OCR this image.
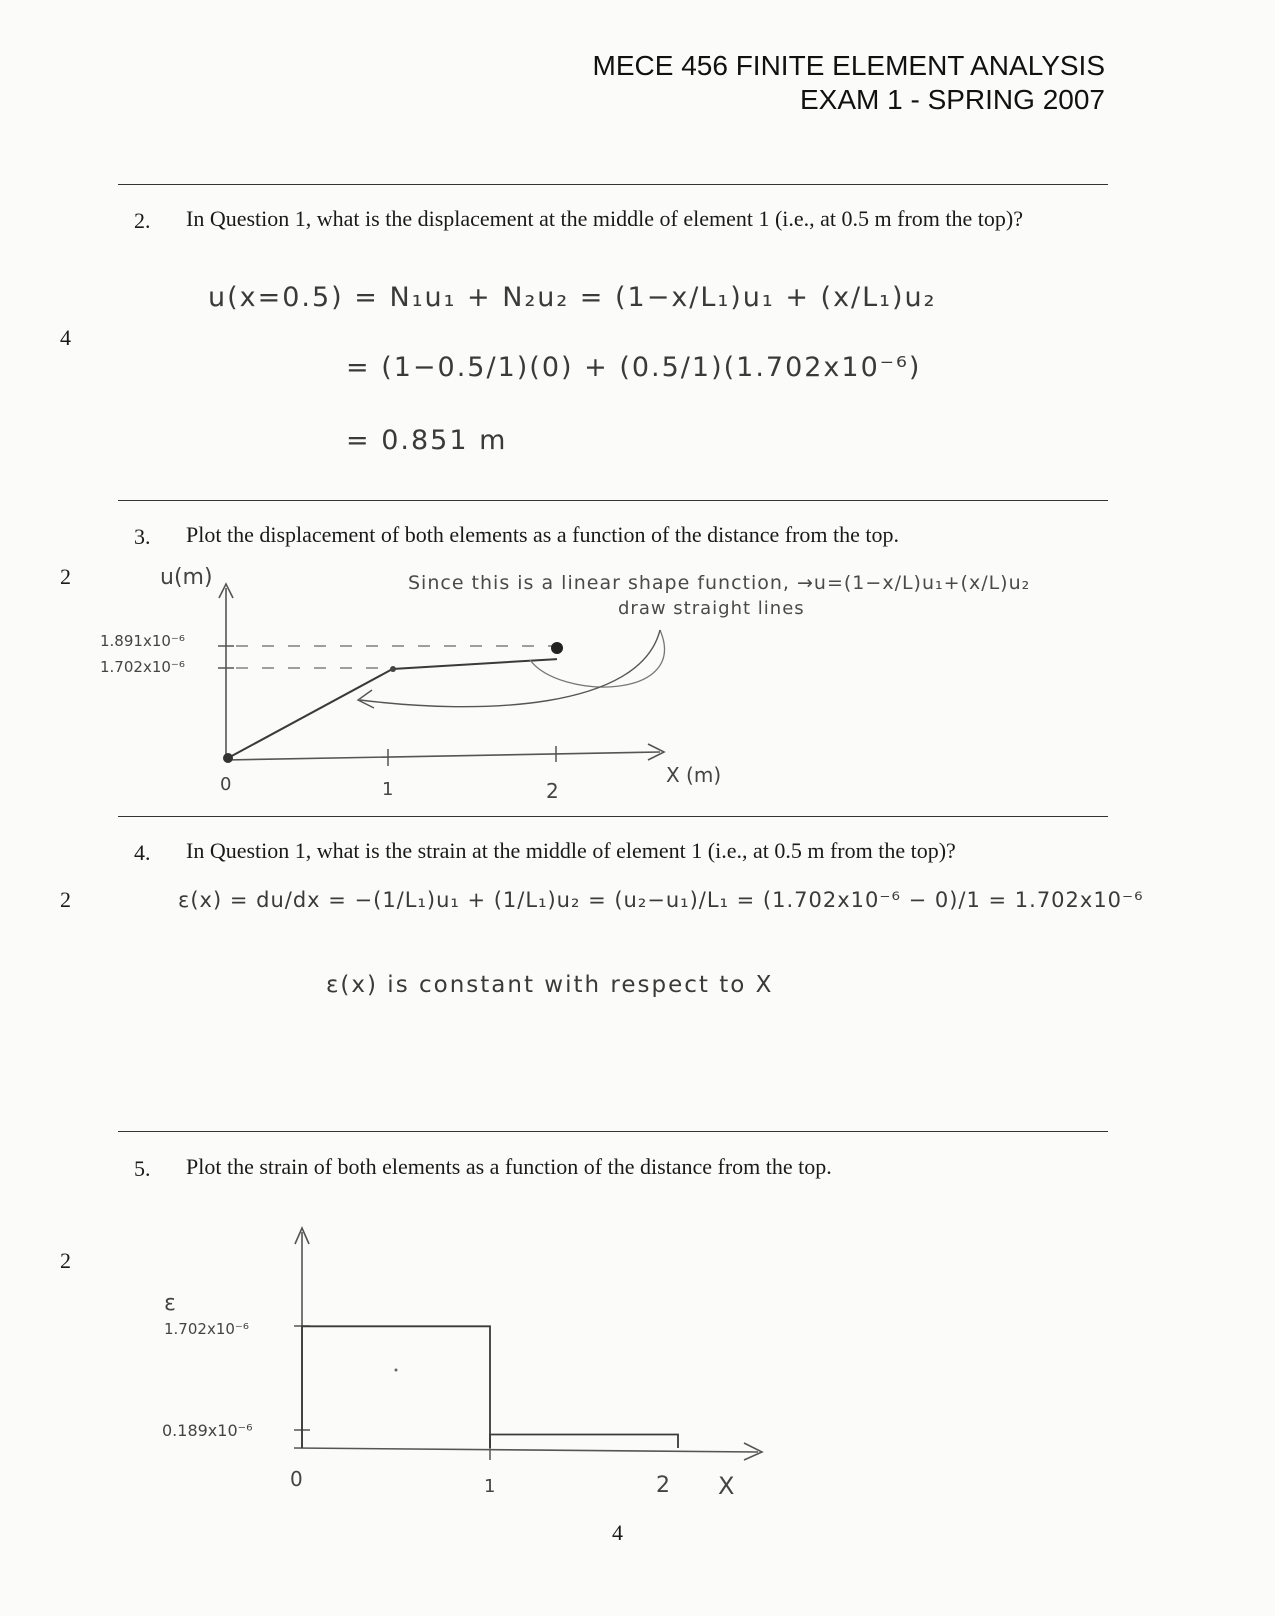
MECE 456 FINITE ELEMENT ANALYSIS
EXAM 1 - SPRING 2007
2. In Question 1, what is the displacement at the middle of element 1 (i.e., at 0.5 m from the top)?
4
u(x=0.5) = N₁u₁ + N₂u₂ = (1−x/L₁)u₁ + (x/L₁)u₂
= (1−0.5/1)(0) + (0.5/1)(1.702x10⁻⁶)
= 0.851 m
3. Plot the displacement of both elements as a function of the distance from the top.
2	Since this is a linear shape function, →u=(1−x/L)u₁+(x/L)u₂
draw straight lines
u(m)
1.891x10⁻⁶
1.702x10⁻⁶
0	1	2
X (m)
ε
1.702x10⁻⁶
0.189x10⁻⁶
0	1	2 X
4. In Question 1, what is the strain at the middle of element 1 (i.e., at 0.5 m from the top)?
2	ε(x) = du/dx = −(1/L₁)u₁ + (1/L₁)u₂ = (u₂−u₁)/L₁ = (1.702x10⁻⁶ − 0)/1 = 1.702x10⁻⁶
ε(x) is constant with respect to X
5. Plot the strain of both elements as a function of the distance from the top.
2
4
